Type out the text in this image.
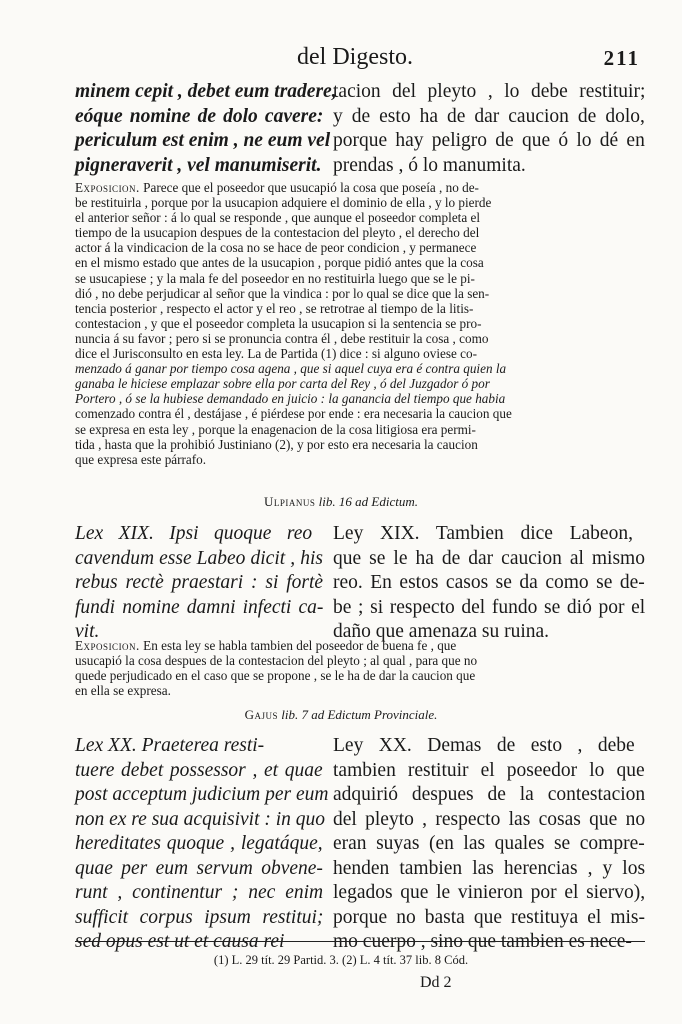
del Digesto.	211
minem cepit , debet eum tradere,
eóque nomine de dolo cavere:
periculum est enim , ne eum vel
pigneraverit , vel manumiserit.
tacion del pleyto , lo debe restituir;
y de esto ha de dar caucion de dolo,
porque hay peligro de que ó lo dé en
prendas , ó lo manumita.
Exposicion. Parece que el poseedor que usucapió la cosa que poseía , no de-
be restituirla , porque por la usucapion adquiere el dominio de ella , y lo pierde
el anterior señor : á lo qual se responde , que aunque el poseedor completa el
tiempo de la usucapion despues de la contestacion del pleyto , el derecho del
actor á la vindicacion de la cosa no se hace de peor condicion , y permanece
en el mismo estado que antes de la usucapion , porque pidió antes que la cosa
se usucapiese ; y la mala fe del poseedor en no restituirla luego que se le pi-
dió , no debe perjudicar al señor que la vindica : por lo qual se dice que la sen-
tencia posterior , respecto el actor y el reo , se retrotrae al tiempo de la litis-
contestacion , y que el poseedor completa la usucapion si la sentencia se pro-
nuncia á su favor ; pero si se pronuncia contra él , debe restituir la cosa , como
dice el Jurisconsulto en esta ley. La de Partida (1) dice : si alguno oviese co-
menzado á ganar por tiempo cosa agena , que si aquel cuya era é contra quien la
ganaba le hiciese emplazar sobre ella por carta del Rey , ó del Juzgador ó por
Portero , ó se la hubiese demandado en juicio : la ganancia del tiempo que habia
comenzado contra él , destájase , é piérdese por ende : era necesaria la caucion que
se expresa en esta ley , porque la enagenacion de la cosa litigiosa era permi-
tida , hasta que la prohibió Justiniano (2), y por esto era necesaria la caucion
que expresa este párrafo.
Ulpianus lib. 16 ad Edictum.
Lex XIX. Ipsi quoque reo
cavendum esse Labeo dicit , his
rebus rectè praestari : si fortè
fundi nomine damni infecti ca-
vit.
Ley XIX. Tambien dice Labeon,
que se le ha de dar caucion al mismo
reo. En estos casos se da como se de-
be ; si respecto del fundo se dió por el
daño que amenaza su ruina.
Exposicion. En esta ley se habla tambien del poseedor de buena fe , que
usucapió la cosa despues de la contestacion del pleyto ; al qual , para que no
quede perjudicado en el caso que se propone , se le ha de dar la caucion que
en ella se expresa.
Gajus lib. 7 ad Edictum Provinciale.
Lex XX. Praeterea resti-
tuere debet possessor , et quae
post acceptum judicium per eum
non ex re sua acquisivit : in quo
hereditates quoque , legatáque,
quae per eum servum obvene-
runt , continentur ; nec enim
sufficit corpus ipsum restitui;
sed opus est ut et causa rei
Ley XX. Demas de esto , debe
tambien restituir el poseedor lo que
adquirió despues de la contestacion
del pleyto , respecto las cosas que no
eran suyas (en las quales se compre-
henden tambien las herencias , y los
legados que le vinieron por el siervo),
porque no basta que restituya el mis-
mo cuerpo , sino que tambien es nece-
(1) L. 29 tít. 29 Partid. 3. (2) L. 4 tít. 37 lib. 8 Cód.
Dd 2
